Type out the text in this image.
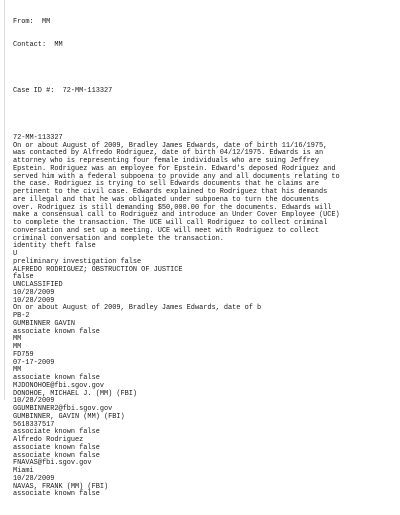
From:  MM

Contact:  MM

Case ID #:  72-MM-113327

72-MM-113327
On or about August of 2009, Bradley James Edwards, date of birth 11/16/1975,
was contacted by Alfredo Rodriguez, date of birth 04/12/1975. Edwards is an
attorney who is representing four female individuals who are suing Jeffrey
Epstein. Rodriguez was an employee for Epstein. Edward's deposed Rodriguez and
served him with a federal subpoena to provide any and all documents relating to
the case. Rodriguez is trying to sell Edwards documents that he claims are
pertinent to the civil case. Edwards explained to Rodriguez that his demands
are illegal and that he was obligated under subpoena to turn the documents
over. Rodriguez is still demanding $50,000.00 for the documents. Edwards will
make a consensual call to Rodriguez and introduce an Under Cover Employee (UCE)
to complete the transaction. The UCE will call Rodriguez to collect criminal
conversation and set up a meeting. UCE will meet with Rodriguez to collect
criminal conversation and complete the transaction.
identity theft false
U
preliminary investigation false
ALFREDO RODRIGUEZ; OBSTRUCTION OF JUSTICE
false
UNCLASSIFIED
10/28/2009
10/28/2009
On or about August of 2009, Bradley James Edwards, date of b
PB-2
GUMBINNER GAVIN
associate known false
MM
MM
FD759
07-17-2009
MM
associate known false
MJDONOHOE@fbi.sgov.gov
DONOHOE, MICHAEL J. (MM) (FBI)
10/28/2009
GGUMBINNER2@fbi.sgov.gov
GUMBINNER, GAVIN (MM) (FBI)
5618337517
associate known false
Alfredo Rodriguez
associate known false
associate known false
FNAVAS@fbi.sgov.gov
Miami
10/28/2009
NAVAS, FRANK (MM) (FBI)
associate known false
